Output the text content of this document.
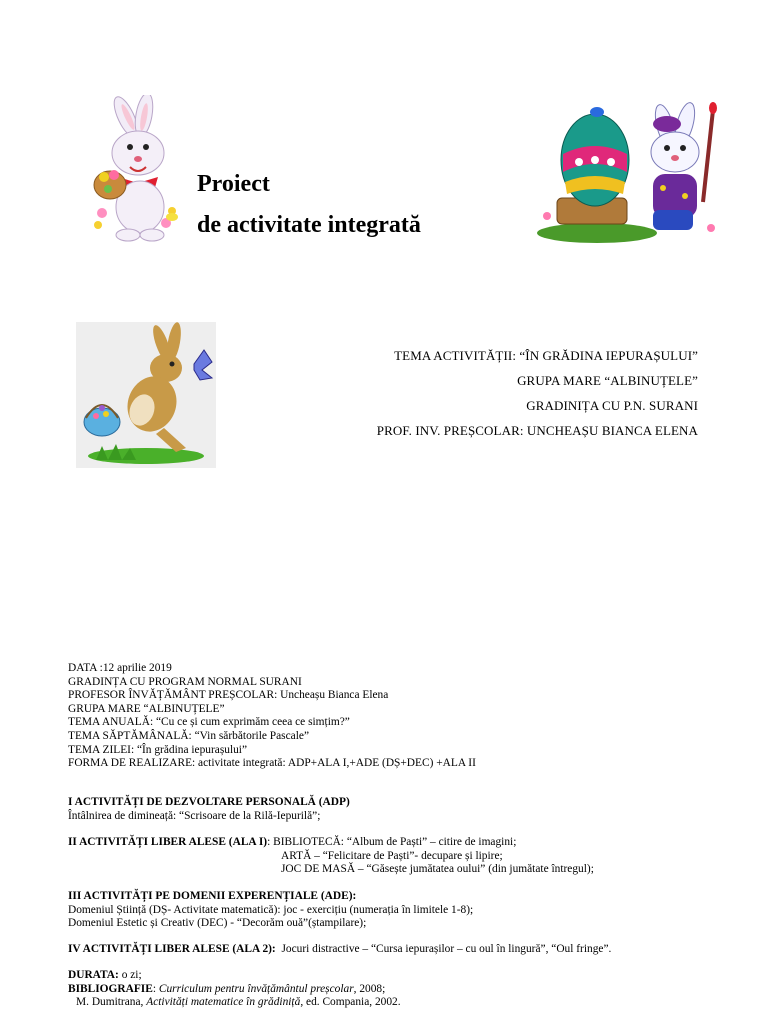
Proiect
de activitate integrată
TEMA ACTIVITĂȚII: “ÎN GRĂDINA IEPURAȘULUI”
GRUPA MARE “ALBINUȚELE”
GRADINIȚA CU P.N. SURANI
PROF. INV. PREȘCOLAR: UNCHEAȘU BIANCA ELENA
DATA :12 aprilie 2019
GRADINȚA CU PROGRAM NORMAL SURANI
PROFESOR ÎNVĂȚĂMÂNT PREȘCOLAR: Uncheașu Bianca Elena
GRUPA MARE “ALBINUȚELE”
TEMA ANUALĂ: “Cu ce și cum exprimăm ceea ce simțim?”
TEMA SĂPTĂMÂNALĂ: “Vin sărbătorile Pascale”
TEMA ZILEI: “În grădina iepurașului”
FORMA DE REALIZARE: activitate integrată: ADP+ALA I,+ADE (DȘ+DEC) +ALA II
I ACTIVITĂȚI DE DEZVOLTARE PERSONALĂ (ADP)
Întâlnirea de dimineață: “Scrisoare de la Rilă-Iepurilă”;
II ACTIVITĂȚI LIBER ALESE (ALA I): BIBLIOTECĂ: “Album de Paști” – citire de imagini;
ARTĂ – “Felicitare de Paști”- decupare și lipire;
JOC DE MASĂ – “Găsește jumătatea oului” (din jumătate întregul);
III ACTIVITĂȚI PE DOMENII EXPERENȚIALE (ADE):
Domeniul Știință (DȘ- Activitate matematică): joc - exercițiu (numerația în limitele 1-8);
Domeniul Estetic și Creativ (DEC) - “Decorăm ouă”(ștampilare);
IV ACTIVITĂȚI LIBER ALESE (ALA 2): Jocuri distractive – “Cursa iepurașilor – cu oul în lingură”, “Oul fringe”.
DURATA: o zi;
BIBLIOGRAFIE: Curriculum pentru învățământul preșcolar, 2008;
M. Dumitrana, Activități matematice în grădiniță, ed. Compania, 2002.
